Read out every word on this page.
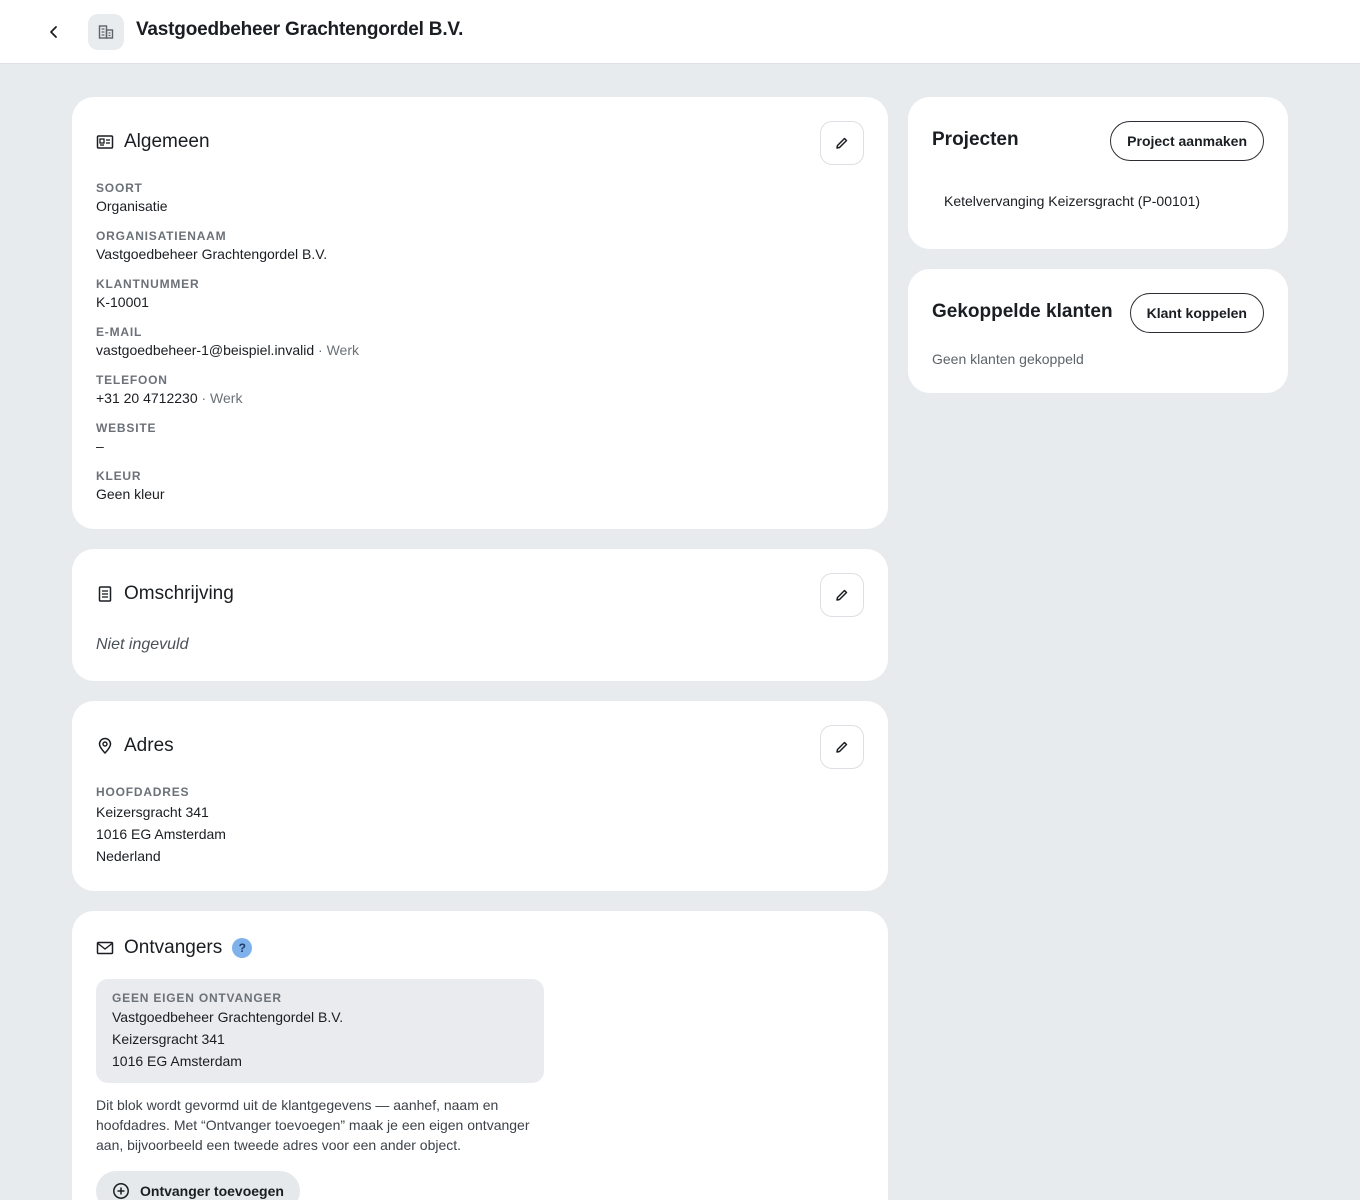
Vastgoedbeheer Grachtengordel B.V.
Algemeen
SOORT
Organisatie
ORGANISATIENAAM
Vastgoedbeheer Grachtengordel B.V.
KLANTNUMMER
K-10001
E-MAIL
vastgoedbeheer-1@beispiel.invalid · Werk
TELEFOON
+31 20 4712230 · Werk
WEBSITE
–
KLEUR
Geen kleur
Omschrijving
Niet ingevuld
Adres
HOOFDADRES
Keizersgracht 341
1016 EG Amsterdam
Nederland
Ontvangers	?
GEEN EIGEN ONTVANGER
Vastgoedbeheer Grachtengordel B.V.
Keizersgracht 341
1016 EG Amsterdam
Dit blok wordt gevormd uit de klantgegevens — aanhef, naam en hoofdadres. Met “Ontvanger toevoegen” maak je een eigen ontvanger aan, bijvoorbeeld een tweede adres voor een ander object.
Ontvanger toevoegen
Projecten	Project aanmaken
Ketelvervanging Keizersgracht (P-00101)
Gekoppelde klanten	Klant koppelen
Geen klanten gekoppeld
